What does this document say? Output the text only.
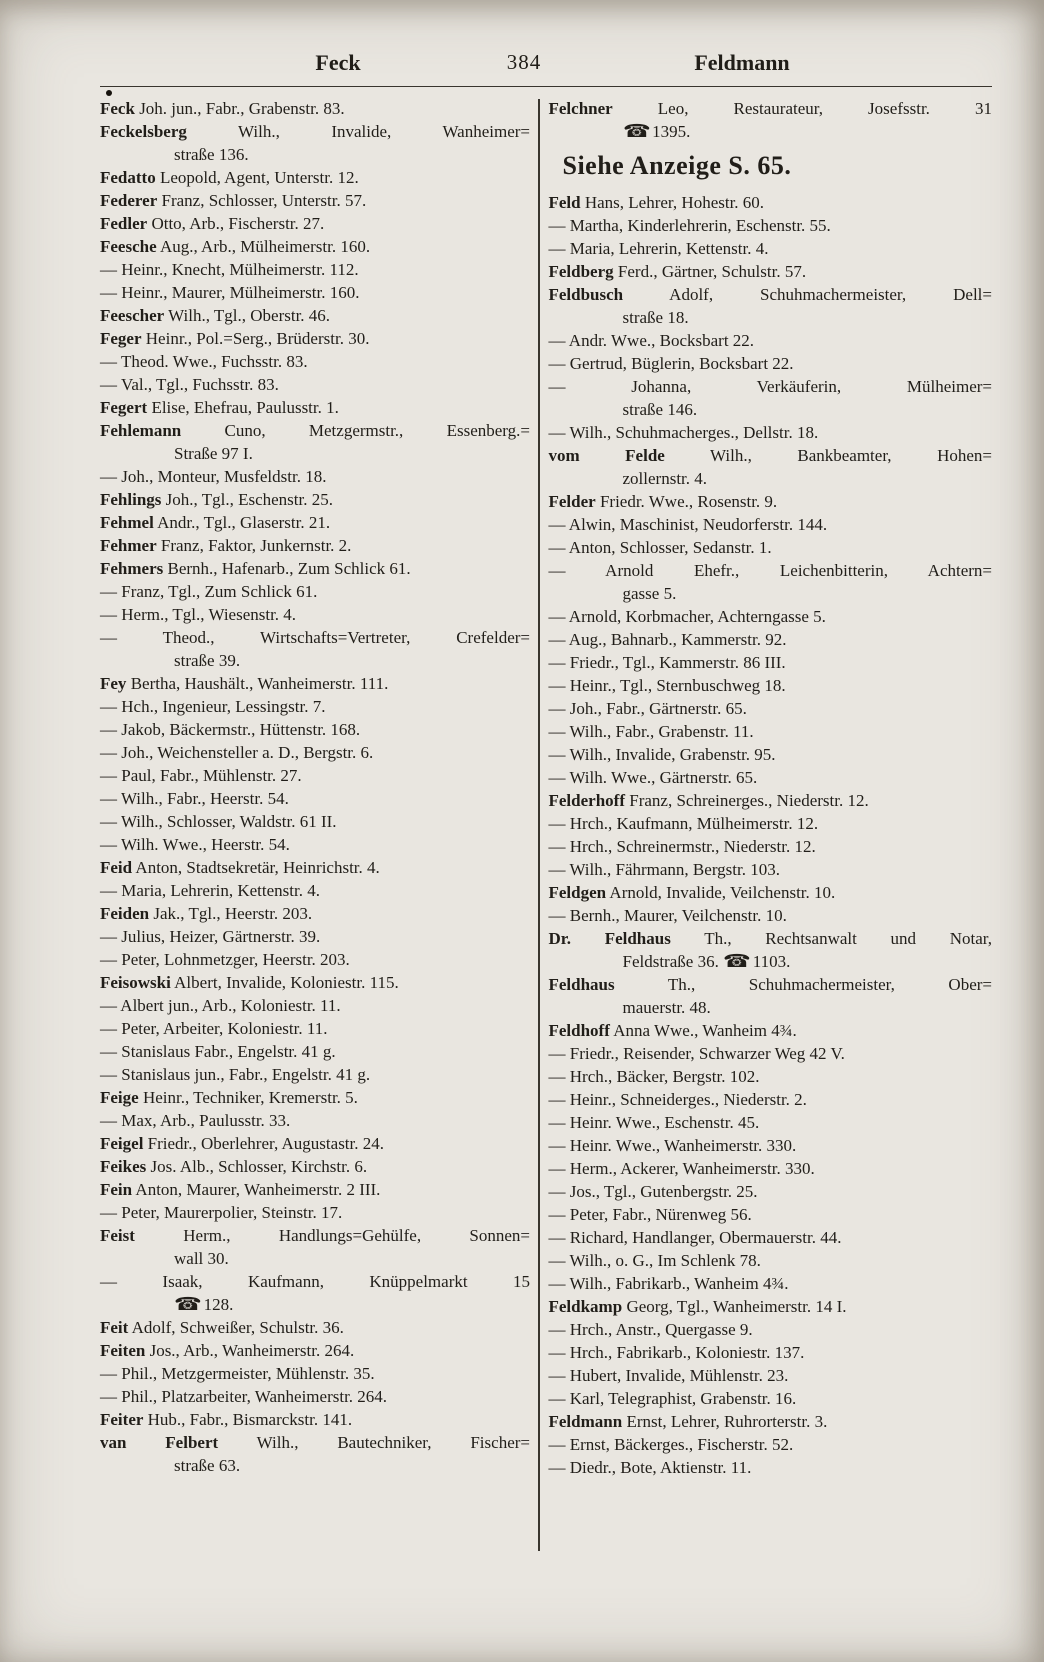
Feck	384	Feldmann

Feck Joh. jun., Fabr., Grabenstr. 83.

Feckelsberg Wilh., Invalide, Wanheimer=
straße 136.

Fedatto Leopold, Agent, Unterstr. 12.

Federer Franz, Schlosser, Unterstr. 57.

Fedler Otto, Arb., Fischerstr. 27.

Feesche Aug., Arb., Mülheimerstr. 160.

— Heinr., Knecht, Mülheimerstr. 112.

— Heinr., Maurer, Mülheimerstr. 160.

Feescher Wilh., Tgl., Oberstr. 46.

Feger Heinr., Pol.=Serg., Brüderstr. 30.

— Theod. Wwe., Fuchsstr. 83.

— Val., Tgl., Fuchsstr. 83.

Fegert Elise, Ehefrau, Paulusstr. 1.

Fehlemann Cuno, Metzgermstr., Essenberg.=
Straße 97 I.

— Joh., Monteur, Musfeldstr. 18.

Fehlings Joh., Tgl., Eschenstr. 25.

Fehmel Andr., Tgl., Glaserstr. 21.

Fehmer Franz, Faktor, Junkernstr. 2.

Fehmers Bernh., Hafenarb., Zum Schlick 61.

— Franz, Tgl., Zum Schlick 61.

— Herm., Tgl., Wiesenstr. 4.

— Theod., Wirtschafts=Vertreter, Crefelder=
straße 39.

Fey Bertha, Haushält., Wanheimerstr. 111.

— Hch., Ingenieur, Lessingstr. 7.

— Jakob, Bäckermstr., Hüttenstr. 168.

— Joh., Weichensteller a. D., Bergstr. 6.

— Paul, Fabr., Mühlenstr. 27.

— Wilh., Fabr., Heerstr. 54.

— Wilh., Schlosser, Waldstr. 61 II.

— Wilh. Wwe., Heerstr. 54.

Feid Anton, Stadtsekretär, Heinrichstr. 4.

— Maria, Lehrerin, Kettenstr. 4.

Feiden Jak., Tgl., Heerstr. 203.

— Julius, Heizer, Gärtnerstr. 39.

— Peter, Lohnmetzger, Heerstr. 203.

Feisowski Albert, Invalide, Koloniestr. 115.

— Albert jun., Arb., Koloniestr. 11.

— Peter, Arbeiter, Koloniestr. 11.

— Stanislaus Fabr., Engelstr. 41 g.

— Stanislaus jun., Fabr., Engelstr. 41 g.

Feige Heinr., Techniker, Kremerstr. 5.

— Max, Arb., Paulusstr. 33.

Feigel Friedr., Oberlehrer, Augustastr. 24.

Feikes Jos. Alb., Schlosser, Kirchstr. 6.

Fein Anton, Maurer, Wanheimerstr. 2 III.

— Peter, Maurerpolier, Steinstr. 17.

Feist Herm., Handlungs=Gehülfe, Sonnen=
wall 30.

— Isaak, Kaufmann, Knüppelmarkt 15
☎ 128.

Feit Adolf, Schweißer, Schulstr. 36.

Feiten Jos., Arb., Wanheimerstr. 264.

— Phil., Metzgermeister, Mühlenstr. 35.

— Phil., Platzarbeiter, Wanheimerstr. 264.

Feiter Hub., Fabr., Bismarckstr. 141.

van Felbert Wilh., Bautechniker, Fischer=
straße 63.

Felchner Leo, Restaurateur, Josefsstr. 31
☎ 1395.

Siehe Anzeige S. 65.

Feld Hans, Lehrer, Hohestr. 60.

— Martha, Kinderlehrerin, Eschenstr. 55.

— Maria, Lehrerin, Kettenstr. 4.

Feldberg Ferd., Gärtner, Schulstr. 57.

Feldbusch Adolf, Schuhmachermeister, Dell=
straße 18.

— Andr. Wwe., Bocksbart 22.

— Gertrud, Büglerin, Bocksbart 22.

— Johanna, Verkäuferin, Mülheimer=
straße 146.

— Wilh., Schuhmacherges., Dellstr. 18.

vom Felde Wilh., Bankbeamter, Hohen=
zollernstr. 4.

Felder Friedr. Wwe., Rosenstr. 9.

— Alwin, Maschinist, Neudorferstr. 144.

— Anton, Schlosser, Sedanstr. 1.

— Arnold Ehefr., Leichenbitterin, Achtern=
gasse 5.

— Arnold, Korbmacher, Achterngasse 5.

— Aug., Bahnarb., Kammerstr. 92.

— Friedr., Tgl., Kammerstr. 86 III.

— Heinr., Tgl., Sternbuschweg 18.

— Joh., Fabr., Gärtnerstr. 65.

— Wilh., Fabr., Grabenstr. 11.

— Wilh., Invalide, Grabenstr. 95.

— Wilh. Wwe., Gärtnerstr. 65.

Felderhoff Franz, Schreinerges., Niederstr. 12.

— Hrch., Kaufmann, Mülheimerstr. 12.

— Hrch., Schreinermstr., Niederstr. 12.

— Wilh., Fährmann, Bergstr. 103.

Feldgen Arnold, Invalide, Veilchenstr. 10.

— Bernh., Maurer, Veilchenstr. 10.

Dr. Feldhaus Th., Rechtsanwalt und Notar,
Feldstraße 36. ☎ 1103.

Feldhaus Th., Schuhmachermeister, Ober=
mauerstr. 48.

Feldhoff Anna Wwe., Wanheim 4¾.

— Friedr., Reisender, Schwarzer Weg 42 V.

— Hrch., Bäcker, Bergstr. 102.

— Heinr., Schneiderges., Niederstr. 2.

— Heinr. Wwe., Eschenstr. 45.

— Heinr. Wwe., Wanheimerstr. 330.

— Herm., Ackerer, Wanheimerstr. 330.

— Jos., Tgl., Gutenbergstr. 25.

— Peter, Fabr., Nürenweg 56.

— Richard, Handlanger, Obermauerstr. 44.

— Wilh., o. G., Im Schlenk 78.

— Wilh., Fabrikarb., Wanheim 4¾.

Feldkamp Georg, Tgl., Wanheimerstr. 14 I.

— Hrch., Anstr., Quergasse 9.

— Hrch., Fabrikarb., Koloniestr. 137.

— Hubert, Invalide, Mühlenstr. 23.

— Karl, Telegraphist, Grabenstr. 16.

Feldmann Ernst, Lehrer, Ruhrorterstr. 3.

— Ernst, Bäckerges., Fischerstr. 52.

— Diedr., Bote, Aktienstr. 11.
